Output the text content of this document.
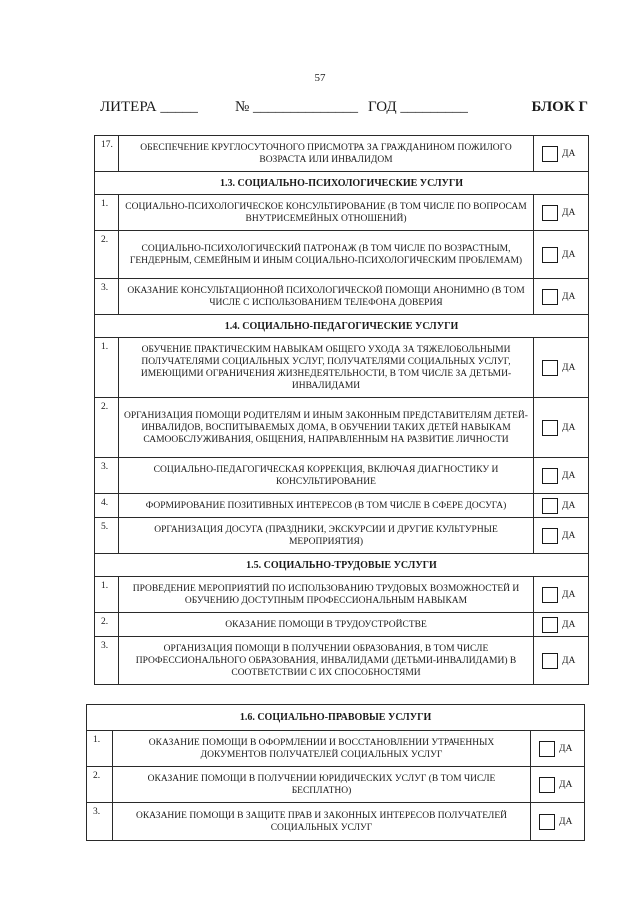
57
ЛИТЕРА _____ № ______________ ГОД _________	БЛОК Г
17.	ОБЕСПЕЧЕНИЕ КРУГЛОСУТОЧНОГО ПРИСМОТРА ЗА ГРАЖДАНИНОМ ПОЖИЛОГО ВОЗРАСТА ИЛИ ИНВАЛИДОМ	ДА

1.3. СОЦИАЛЬНО-ПСИХОЛОГИЧЕСКИЕ УСЛУГИ		
1.	СОЦИАЛЬНО-ПСИХОЛОГИЧЕСКОЕ КОНСУЛЬТИРОВАНИЕ (В ТОМ ЧИСЛЕ ПО ВОПРОСАМ ВНУТРИСЕМЕЙНЫХ ОТНОШЕНИЙ)	ДА

2.	СОЦИАЛЬНО-ПСИХОЛОГИЧЕСКИЙ ПАТРОНАЖ (В ТОМ ЧИСЛЕ ПО ВОЗРАСТНЫМ, ГЕНДЕРНЫМ, СЕМЕЙНЫМ И ИНЫМ СОЦИАЛЬНО-ПСИХОЛОГИЧЕСКИМ ПРОБЛЕМАМ)	ДА

3.	ОКАЗАНИЕ КОНСУЛЬТАЦИОННОЙ ПСИХОЛОГИЧЕСКОЙ ПОМОЩИ АНОНИМНО (В ТОМ ЧИСЛЕ С ИСПОЛЬЗОВАНИЕМ ТЕЛЕФОНА ДОВЕРИЯ	ДА

1.4. СОЦИАЛЬНО-ПЕДАГОГИЧЕСКИЕ УСЛУГИ		
1.	ОБУЧЕНИЕ ПРАКТИЧЕСКИМ НАВЫКАМ ОБЩЕГО УХОДА ЗА ТЯЖЕЛОБОЛЬНЫМИ ПОЛУЧАТЕЛЯМИ СОЦИАЛЬНЫХ УСЛУГ, ПОЛУЧАТЕЛЯМИ СОЦИАЛЬНЫХ УСЛУГ, ИМЕЮЩИМИ ОГРАНИЧЕНИЯ ЖИЗНЕДЕЯТЕЛЬНОСТИ, В ТОМ ЧИСЛЕ ЗА ДЕТЬМИ-ИНВАЛИДАМИ	ДА

2.	ОРГАНИЗАЦИЯ ПОМОЩИ РОДИТЕЛЯМ И ИНЫМ ЗАКОННЫМ ПРЕДСТАВИТЕЛЯМ ДЕТЕЙ-ИНВАЛИДОВ, ВОСПИТЫВАЕМЫХ ДОМА, В ОБУЧЕНИИ ТАКИХ ДЕТЕЙ НАВЫКАМ САМООБСЛУЖИВАНИЯ, ОБЩЕНИЯ, НАПРАВЛЕННЫМ НА РАЗВИТИЕ ЛИЧНОСТИ	ДА

3.	СОЦИАЛЬНО-ПЕДАГОГИЧЕСКАЯ КОРРЕКЦИЯ, ВКЛЮЧАЯ ДИАГНОСТИКУ И КОНСУЛЬТИРОВАНИЕ	ДА

4.	ФОРМИРОВАНИЕ ПОЗИТИВНЫХ ИНТЕРЕСОВ (В ТОМ ЧИСЛЕ В СФЕРЕ ДОСУГА)	ДА

5.	ОРГАНИЗАЦИЯ ДОСУГА (ПРАЗДНИКИ, ЭКСКУРСИИ И ДРУГИЕ КУЛЬТУРНЫЕ МЕРОПРИЯТИЯ)	ДА

1.5. СОЦИАЛЬНО-ТРУДОВЫЕ УСЛУГИ		
1.	ПРОВЕДЕНИЕ МЕРОПРИЯТИЙ ПО ИСПОЛЬЗОВАНИЮ ТРУДОВЫХ ВОЗМОЖНОСТЕЙ И ОБУЧЕНИЮ ДОСТУПНЫМ ПРОФЕССИОНАЛЬНЫМ НАВЫКАМ	ДА

2.	ОКАЗАНИЕ ПОМОЩИ В ТРУДОУСТРОЙСТВЕ	ДА

3.	ОРГАНИЗАЦИЯ ПОМОЩИ В ПОЛУЧЕНИИ ОБРАЗОВАНИЯ, В ТОМ ЧИСЛЕ ПРОФЕССИОНАЛЬНОГО ОБРАЗОВАНИЯ, ИНВАЛИДАМИ (ДЕТЬМИ-ИНВАЛИДАМИ) В СООТВЕТСТВИИ С ИХ СПОСОБНОСТЯМИ	ДА
1.6. СОЦИАЛЬНО-ПРАВОВЫЕ УСЛУГИ		
1.	ОКАЗАНИЕ ПОМОЩИ В ОФОРМЛЕНИИ И ВОССТАНОВЛЕНИИ УТРАЧЕННЫХ ДОКУМЕНТОВ ПОЛУЧАТЕЛЕЙ СОЦИАЛЬНЫХ УСЛУГ	ДА

2.	ОКАЗАНИЕ ПОМОЩИ В ПОЛУЧЕНИИ ЮРИДИЧЕСКИХ УСЛУГ (В ТОМ ЧИСЛЕ БЕСПЛАТНО)	ДА

3.	ОКАЗАНИЕ ПОМОЩИ В ЗАЩИТЕ ПРАВ И ЗАКОННЫХ ИНТЕРЕСОВ ПОЛУЧАТЕЛЕЙ СОЦИАЛЬНЫХ УСЛУГ	ДА
